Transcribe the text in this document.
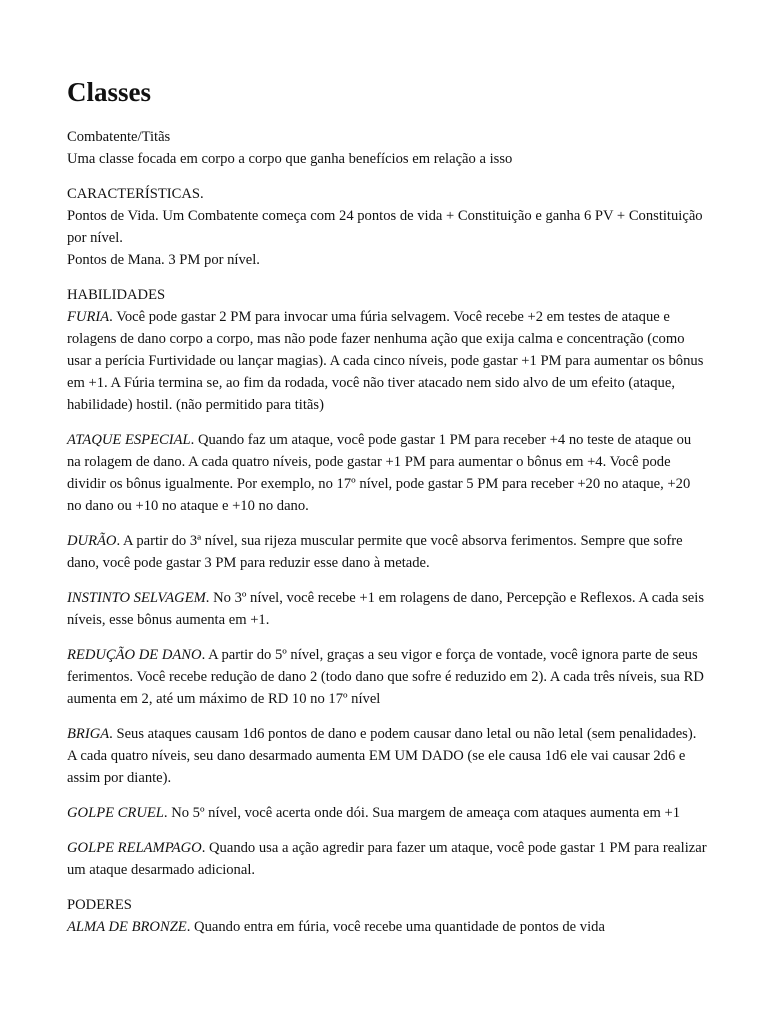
Classes

Combatente/Titãs
Uma classe focada em corpo a corpo que ganha benefícios em relação a isso

CARACTERÍSTICAS.
Pontos de Vida. Um Combatente começa com 24 pontos de vida + Constituição e ganha 6 PV + Constituição por nível.
Pontos de Mana. 3 PM por nível.

HABILIDADES
FURIA. Você pode gastar 2 PM para invocar uma fúria selvagem. Você recebe +2 em testes de ataque e rolagens de dano corpo a corpo, mas não pode fazer nenhuma ação que exija calma e concentração (como usar a perícia Furtividade ou lançar magias). A cada cinco níveis, pode gastar +1 PM para aumentar os bônus em +1. A Fúria termina se, ao fim da rodada, você não tiver atacado nem sido alvo de um efeito (ataque, habilidade) hostil. (não permitido para titãs)

ATAQUE ESPECIAL. Quando faz um ataque, você pode gastar 1 PM para receber +4 no teste de ataque ou na rolagem de dano. A cada quatro níveis, pode gastar +1 PM para aumentar o bônus em +4. Você pode dividir os bônus igualmente. Por exemplo, no 17º nível, pode gastar 5 PM para receber +20 no ataque, +20 no dano ou +10 no ataque e +10 no dano.

DURÃO. A partir do 3ª nível, sua rijeza muscular permite que você absorva ferimentos. Sempre que sofre dano, você pode gastar 3 PM para reduzir esse dano à metade.

INSTINTO SELVAGEM. No 3º nível, você recebe +1 em rolagens de dano, Percepção e Reflexos. A cada seis níveis, esse bônus aumenta em +1.

REDUÇÃO DE DANO. A partir do 5º nível, graças a seu vigor e força de vontade, você ignora parte de seus ferimentos. Você recebe redução de dano 2 (todo dano que sofre é reduzido em 2). A cada três níveis, sua RD aumenta em 2, até um máximo de RD 10 no 17º nível

BRIGA. Seus ataques causam 1d6 pontos de dano e podem causar dano letal ou não letal (sem penalidades). A cada quatro níveis, seu dano desarmado aumenta EM UM DADO (se ele causa 1d6 ele vai causar 2d6 e assim por diante).

GOLPE CRUEL. No 5º nível, você acerta onde dói. Sua margem de ameaça com ataques aumenta em +1

GOLPE RELAMPAGO. Quando usa a ação agredir para fazer um ataque, você pode gastar 1 PM para realizar um ataque desarmado adicional.

PODERES
ALMA DE BRONZE. Quando entra em fúria, você recebe uma quantidade de pontos de vida
